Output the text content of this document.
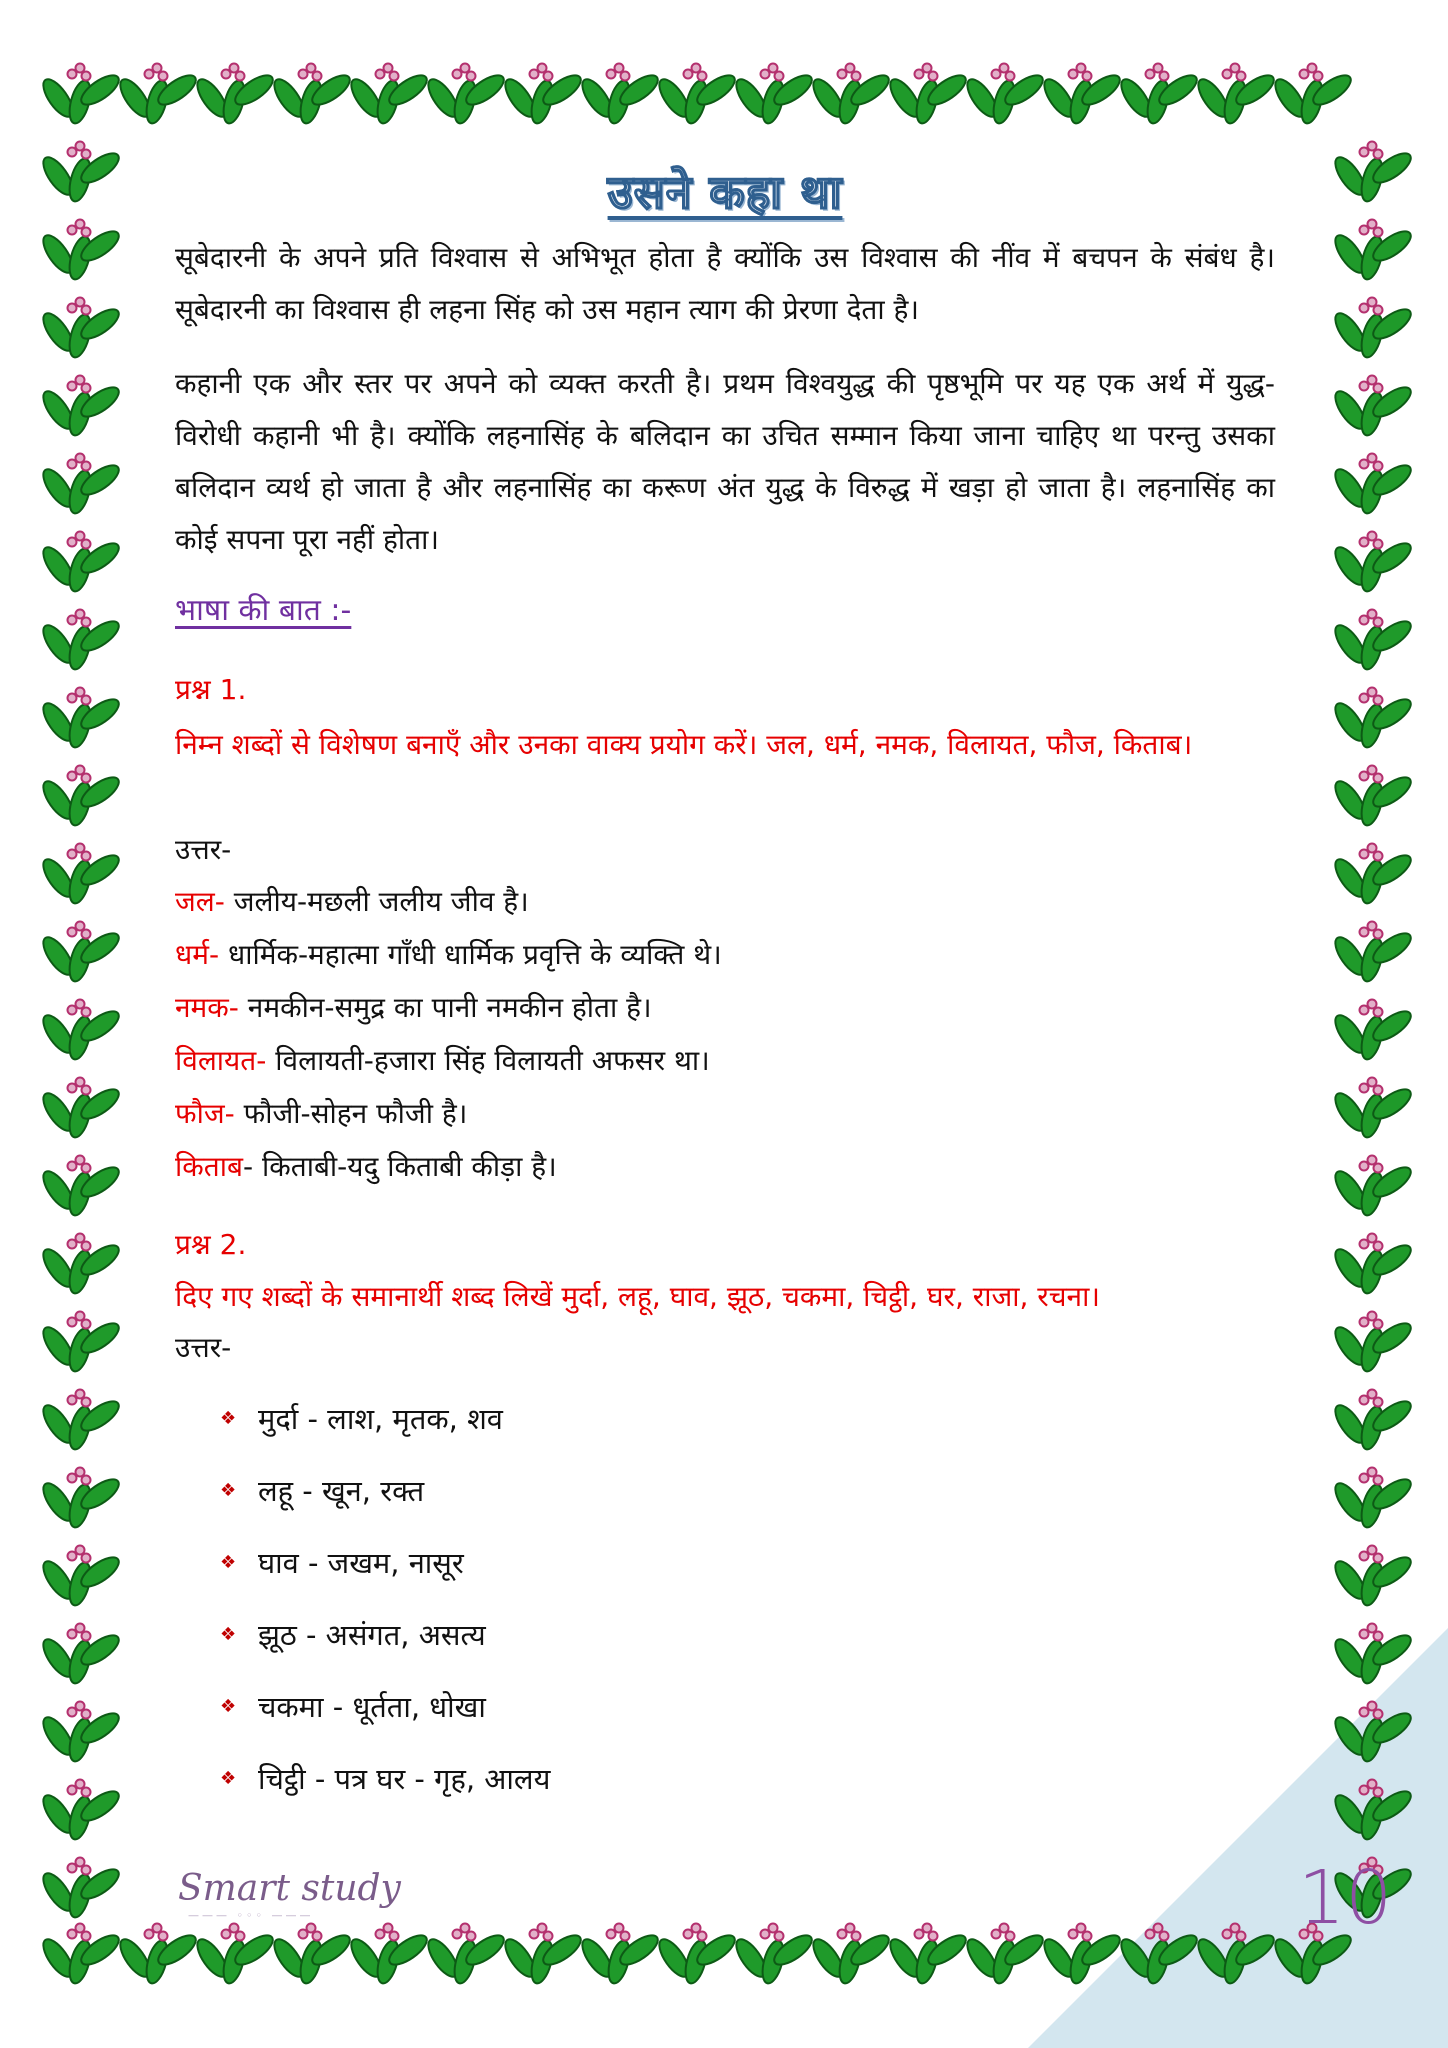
उसने कहा था

सूबेदारनी के अपने प्रति विश्वास से अभिभूत होता है क्योंकि उस विश्वास की नींव में बचपन के संबंध है। सूबेदारनी का विश्वास ही लहना सिंह को उस महान त्याग की प्रेरणा देता है।

कहानी एक और स्तर पर अपने को व्यक्त करती है। प्रथम विश्वयुद्ध की पृष्ठभूमि पर यह एक अर्थ में युद्ध-विरोधी कहानी भी है। क्योंकि लहनासिंह के बलिदान का उचित सम्मान किया जाना चाहिए था परन्तु उसका बलिदान व्यर्थ हो जाता है और लहनासिंह का करूण अंत युद्ध के विरुद्ध में खड़ा हो जाता है। लहनासिंह का कोई सपना पूरा नहीं होता।

भाषा की बात :-
प्रश्न 1.

निम्न शब्दों से विशेषण बनाएँ और उनका वाक्य प्रयोग करें। जल, धर्म, नमक, विलायत, फौज, किताब।

उत्तर-
जल- जलीय-मछली जलीय जीव है।
धर्म- धार्मिक-महात्मा गाँधी धार्मिक प्रवृत्ति के व्यक्ति थे।
नमक- नमकीन-समुद्र का पानी नमकीन होता है।
विलायत- विलायती-हजारा सिंह विलायती अफसर था।
फौज- फौजी-सोहन फौजी है।
किताब- किताबी-यदु किताबी कीड़ा है।
प्रश्न 2.
दिए गए शब्दों के समानार्थी शब्द लिखें मुर्दा, लहू, घाव, झूठ, चकमा, चिट्ठी, घर, राजा, रचना।
उत्तर-
❖ मुर्दा - लाश, मृतक, शव
❖ लहू - खून, रक्त
❖ घाव - जखम, नासूर
❖ झूठ - असंगत, असत्य
❖ चकमा - धूर्तता, धोखा
❖ चिट्ठी - पत्र घर - गृह, आलय
Smart study
——— ◦◦◦ ———	10
